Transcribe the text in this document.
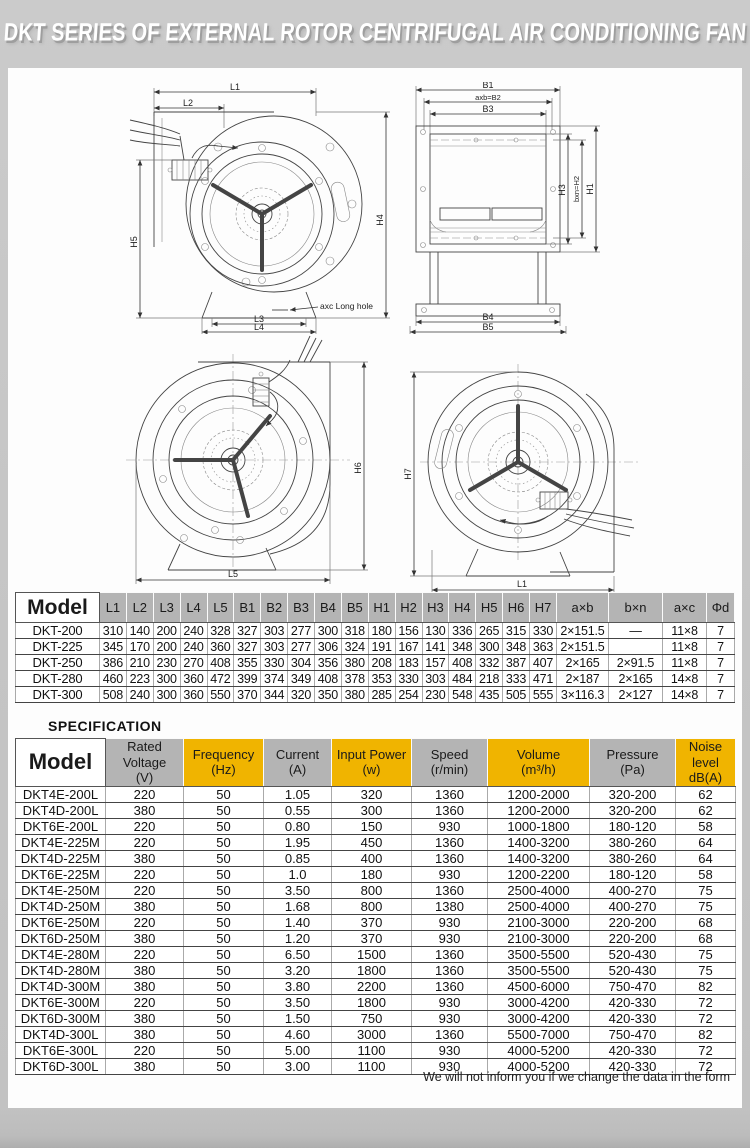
DKT SERIES OF EXTERNAL ROTOR CENTRIFUGAL AIR CONDITIONING FAN
L1
L2
axc Long hole
H5
H4
L3
L4
B1
axb=B2
B3
H3 bxn=H2 H1
B4
B5
H6
L5
H7
L1
Model	L1	L2	L3	L4	L5	B1	B2	B3	B4	B5	H1	H2	H3	H4	H5	H6	H7	a×b	b×n	a×c	Φd
DKT-200	310	140	200	240	328	327	303	277	300	318	180	156	130	336	265	315	330	2×151.5	—	11×8	7
DKT-225	345	170	200	240	360	327	303	277	306	324	191	167	141	348	300	348	363	2×151.5		11×8	7
DKT-250	386	210	230	270	408	355	330	304	356	380	208	183	157	408	332	387	407	2×165	2×91.5	11×8	7
DKT-280	460	223	300	360	472	399	374	349	408	378	353	330	303	484	218	333	471	2×187	2×165	14×8	7
DKT-300	508	240	300	360	550	370	344	320	350	380	285	254	230	548	435	505	555	3×116.3	2×127	14×8	7
SPECIFICATION
Model

Rated Voltage
(V)

Frequency
(Hz)

Current
(A)

Input Power
(w)

Speed
(r/min)

Volume
(m³/h)

Pressure
(Pa)

Noise level
dB(A)

DKT4E-200L	220	50	1.05	320	1360	1200-2000	320-200	62
DKT4D-200L	380	50	0.55	300	1360	1200-2000	320-200	62
DKT6E-200L	220	50	0.80	150	930	1000-1800	180-120	58
DKT4E-225M	220	50	1.95	450	1360	1400-3200	380-260	64
DKT4D-225M	380	50	0.85	400	1360	1400-3200	380-260	64
DKT6E-225M	220	50	1.0	180	930	1200-2200	180-120	58
DKT4E-250M	220	50	3.50	800	1360	2500-4000	400-270	75
DKT4D-250M	380	50	1.68	800	1380	2500-4000	400-270	75
DKT6E-250M	220	50	1.40	370	930	2100-3000	220-200	68
DKT6D-250M	380	50	1.20	370	930	2100-3000	220-200	68
DKT4E-280M	220	50	6.50	1500	1360	3500-5500	520-430	75
DKT4D-280M	380	50	3.20	1800	1360	3500-5500	520-430	75
DKT4D-300M	380	50	3.80	2200	1360	4500-6000	750-470	82
DKT6E-300M	220	50	3.50	1800	930	3000-4200	420-330	72
DKT6D-300M	380	50	1.50	750	930	3000-4200	420-330	72
DKT4D-300L	380	50	4.60	3000	1360	5500-7000	750-470	82
DKT6E-300L	220	50	5.00	1100	930	4000-5200	420-330	72
DKT6D-300L	380	50	3.00	1100	930	4000-5200	420-330	72
We will not inform you if we change the data in the form
